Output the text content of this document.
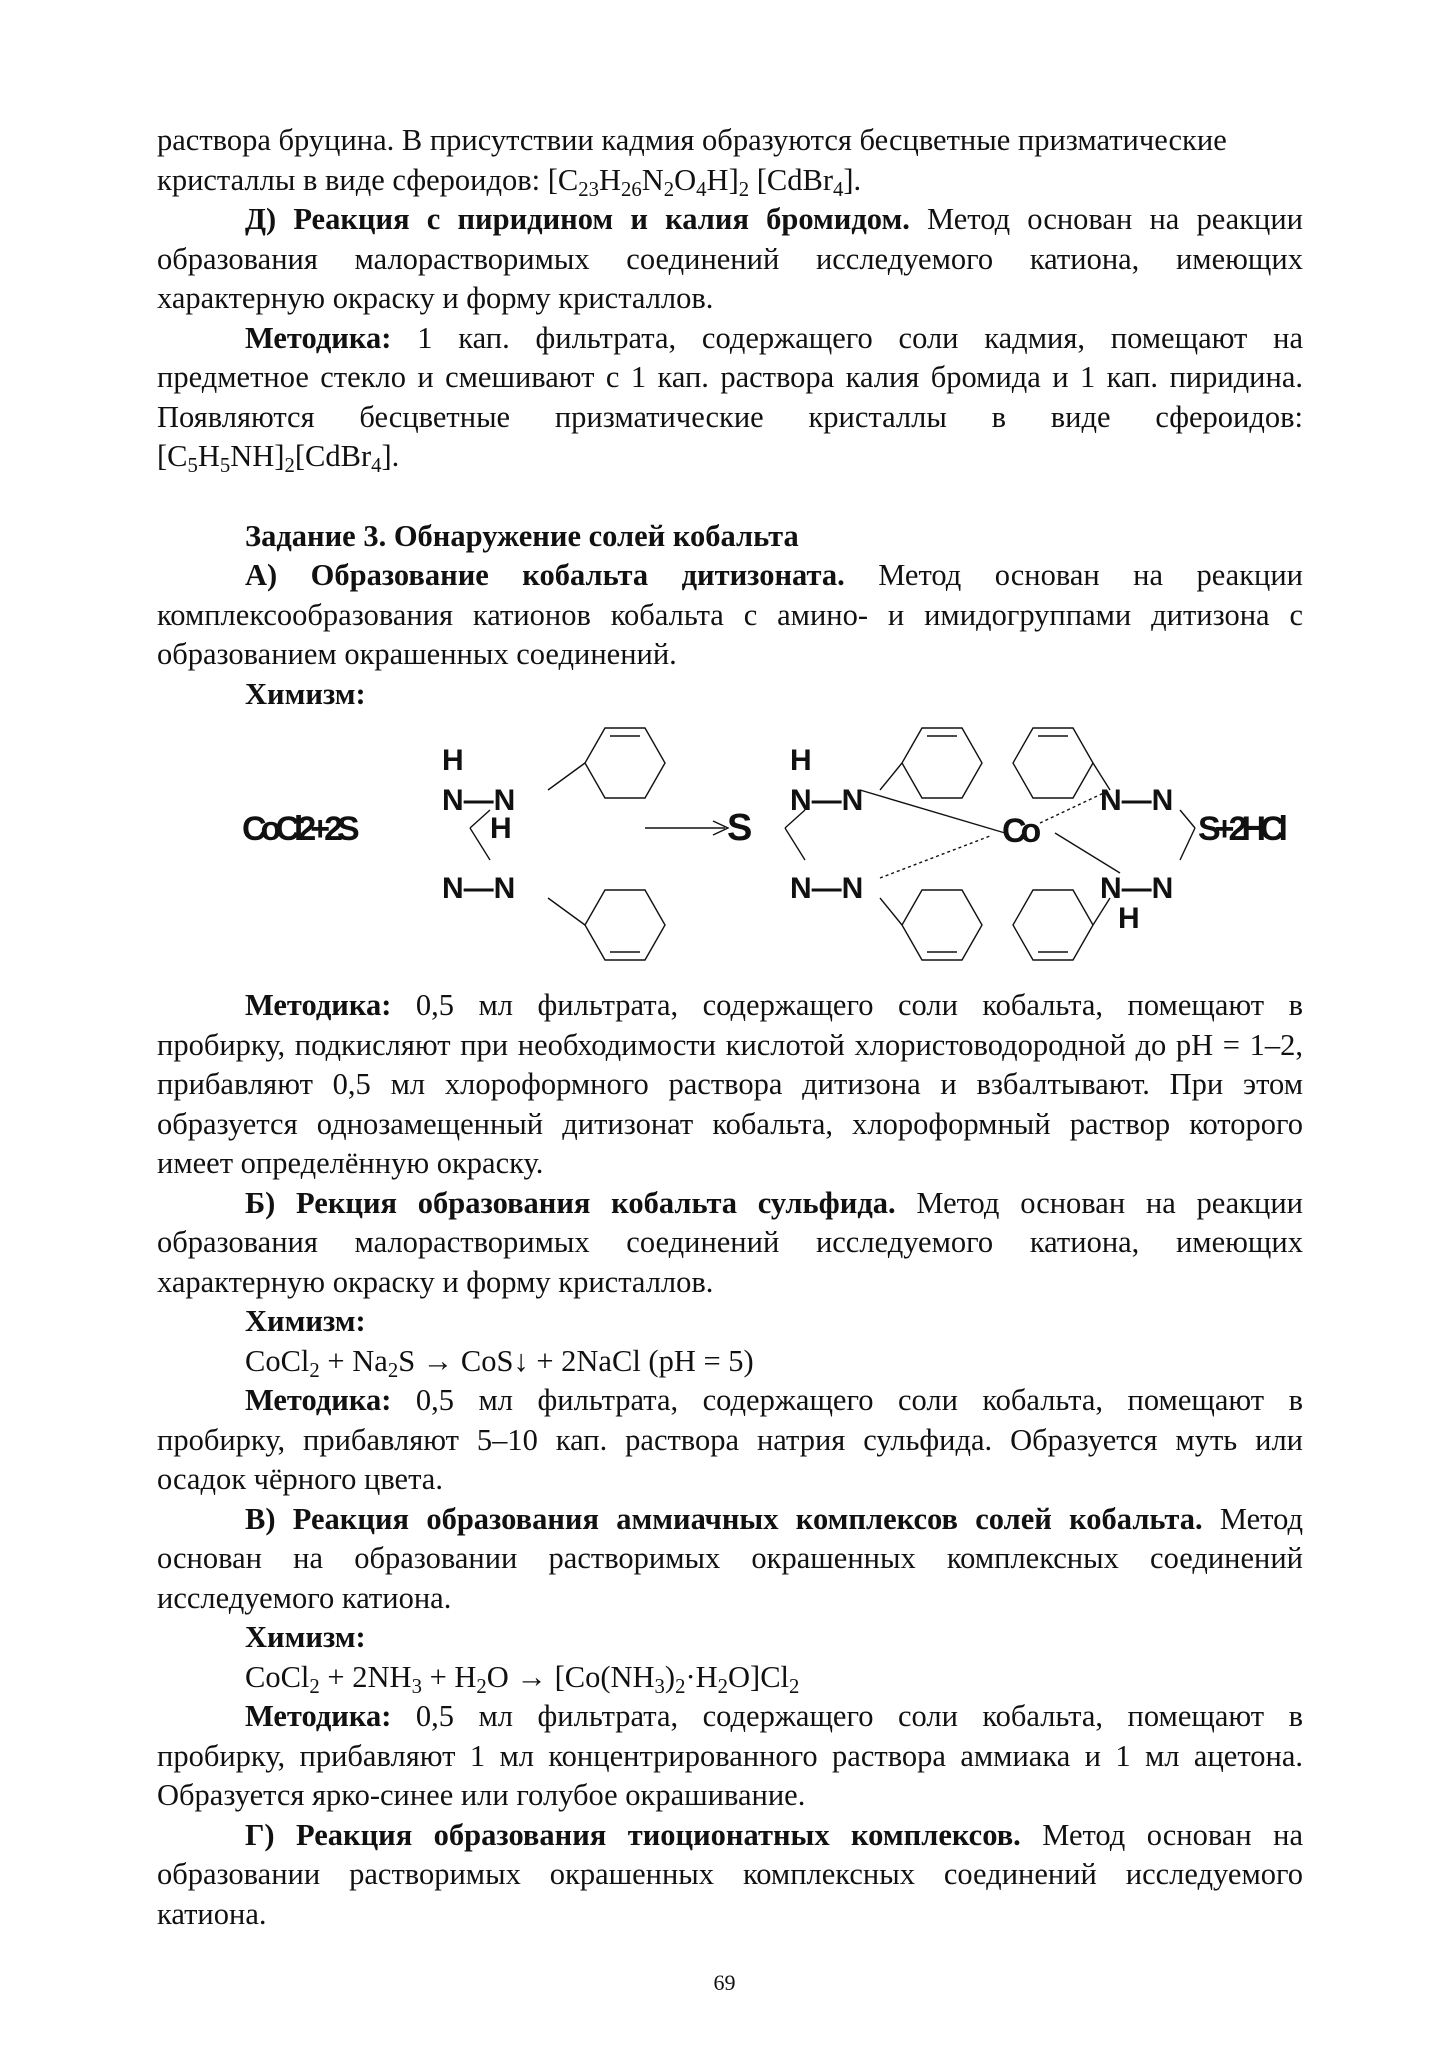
раствора бруцина. В присутствии кадмия образуются бесцветные призматические
кристаллы в виде сфероидов: $[C_{23}H_{26}N_2O_4H]_2$ [CdBr$_4$].

Д) Реакция с пиридином и калия бромидом. Метод основан на реакции образования малорастворимых соединений исследуемого катиона, имеющих характерную окраску и форму кристаллов.

Методика: 1 кап. фильтрата, содержащего соли кадмия, помещают на предметное стекло и смешивают с 1 кап. раствора калия бромида и 1 кап. пиридина. Появляются бесцветные призматические кристаллы в виде сфероидов: $[C_5H_5NH]_2[CdBr_4]$.

Задание 3. Обнаружение солей кобальта

А) Образование кобальта дитизоната. Метод основан на реакции комплексообразования катионов кобальта с амино- и имидогруппами дитизона с образованием окрашенных соединений.

Химизм:

H
N—N
H
N—N
CoCl2+2S	S
H
N—N
N—N
Co
N—N
N—N
H
S+2HCl

Методика: 0,5 мл фильтрата, содержащего соли кобальта, помещают в пробирку, подкисляют при необходимости кислотой хлористоводородной до pH = 1–2, прибавляют 0,5 мл хлороформного раствора дитизона и взбалтывают. При этом образуется однозамещенный дитизонат кобальта, хлороформный раствор которого имеет определённую окраску.

Б) Рекция образования кобальта сульфида. Метод основан на реакции образования малорастворимых соединений исследуемого катиона, имеющих характерную окраску и форму кристаллов.

Химизм:

CoCl$_2$ + $Na_2S$ → CoS↓ + 2NaCl (pH = 5)

Методика: 0,5 мл фильтрата, содержащего соли кобальта, помещают в пробирку, прибавляют 5–10 кап. раствора натрия сульфида. Образуется муть или осадок чёрного цвета.

В) Реакция образования аммиачных комплексов солей кобальта. Метод основан на образовании растворимых окрашенных комплексных соединений исследуемого катиона.

Химизм:

CoCl$_2$ + $2NH_3 + H_2O \to [Co(NH_3)_2\cdot H_2O]Cl_2$

Методика: 0,5 мл фильтрата, содержащего соли кобальта, помещают в пробирку, прибавляют 1 мл концентрированного раствора аммиака и 1 мл ацетона. Образуется ярко-синее или голубое окрашивание.

Г) Реакция образования тиоционатных комплексов. Метод основан на образовании растворимых окрашенных комплексных соединений исследуемого катиона.

69
